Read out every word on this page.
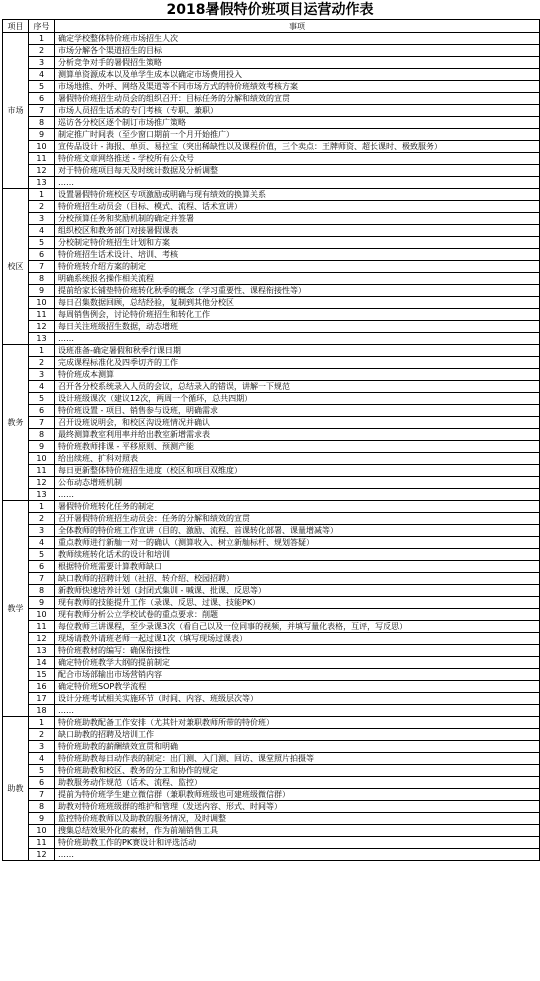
2018暑假特价班项目运营动作表
项目	序号	事项
市场	1	确定学校整体特价班市场招生人次
	2	市场分解各个渠道招生的目标
	3	分析竞争对手的暑假招生策略
	4	测算单资源成本以及单学生成本以确定市场费用投入
	5	市场地推、外呼、网络及渠道等不同市场方式的特价班绩效考核方案
	6	暑假特价班招生动员会的组织召开：目标任务的分解和绩效的宣贯
	7	市场人员招生话术的专门考核（专职、兼职）
	8	巡访各分校区逐个制订市场推广策略
	9	制定推广时间表（至少窗口期前一个月开始推广）
	10	宣传品设计 - 海报、单页、易拉宝（突出稀缺性以及课程价值，三个卖点：王牌师资、超长课时、极致服务）
	11	特价班文章网络推送 - 学校所有公众号
	12	对于特价班项目每天及时统计数据及分析调整
	13	……
校区	1	设置暑假特价班校区专项激励或明确与现有绩效的换算关系
	2	特价班招生动员会（目标、模式、流程、话术宣讲）
	3	分校预算任务和奖励机制的确定并签署
	4	组织校区和教务部门对接暑假课表
	5	分校制定特价班招生计划和方案
	6	特价班招生话术设计、培训、考核
	7	特价班转介绍方案的制定
	8	明确系统报名操作相关流程
	9	提前给家长铺垫特价班转化秋季的概念（学习重要性、课程衔接性等）
	10	每日召集数据回顾，总结经验，复制到其他分校区
	11	每周销售例会，讨论特价班招生和转化工作
	12	每日关注班级招生数据，动态增班
	13	……
教务	1	设班准备-确定暑假和秋季行课日期
	2	完成课程标准化及四季切齐的工作
	3	特价班成本测算
	4	召开各分校系统录入人员的会议，总结录入的错误，讲解一下规范
	5	设计班级课次（建议12次，两周一个循环，总共四期）
	6	特价班设置 - 项目、销售参与设班，明确需求
	7	召开设班说明会，和校区沟设班情况并确认
	8	最终测算教室利用率并给出教室新增需求表
	9	特价班教师排课 - 平移原则、预测产能
	10	给出续班、扩科对照表
	11	每日更新整体特价班招生进度（校区和项目双维度）
	12	公布动态增班机制
	13	……
教学	1	暑假特价班转化任务的制定
	2	召开暑假特价班招生动员会：任务的分解和绩效的宣贯
	3	全体教师的特价班工作宣讲（目的、激励、流程、首课转化部署、课量增减等）
	4	重点教师进行新舢一对一的确认（测算收入、树立新舢标杆、规划答疑）
	5	教师续班转化话术的设计和培训
	6	根据特价班需要计算教师缺口
	7	缺口教师的招聘计划（社招、转介绍、校园招聘）
	8	新教师快速培养计划（封闭式集训 - 喊课、批课、反思等）
	9	现有教师的技能提升工作（录课、反思、过课、技能PK）
	10	现有教师分析公立学校试卷的重点要求：削题
	11	每位教师三讲课程，至少录课3次（看自己以及一位同事的视频，并填写量化表格，互评，写反思）
	12	现场请教外请班老师一起过课1次（填写现场过课表）
	13	特价班教材的编写：确保衔接性
	14	确定特价班教学大纲的提前制定
	15	配合市场部输出市场营销内容
	16	确定特价班SOP教学流程
	17	设计分班考试相关实施环节（时间、内容、班级层次等）
	18	……
助教	1	特价班助教配备工作安排（尤其针对兼职教师所带的特价班）
	2	缺口助教的招聘及培训工作
	3	特价班助教的薪酬绩效宣贯和明确
	4	特价班助教每日动作表的制定：出门测、入门测、回访、课堂照片拍摄等
	5	特价班助教和校区、教务的分工和协作的规定
	6	助教服务动作规范（话术、流程、监控）
	7	提前为特价班学生建立微信群（兼职教师班级也可建班级微信群）
	8	助教对特价班班级群的维护和管理（发送内容、形式、时间等）
	9	监控特价班教师以及助教的服务情况，及时调整
	10	搜集总结效果外化的素材，作为前端销售工具
	11	特价班助教工作的PK赛设计和评选活动
	12	……
